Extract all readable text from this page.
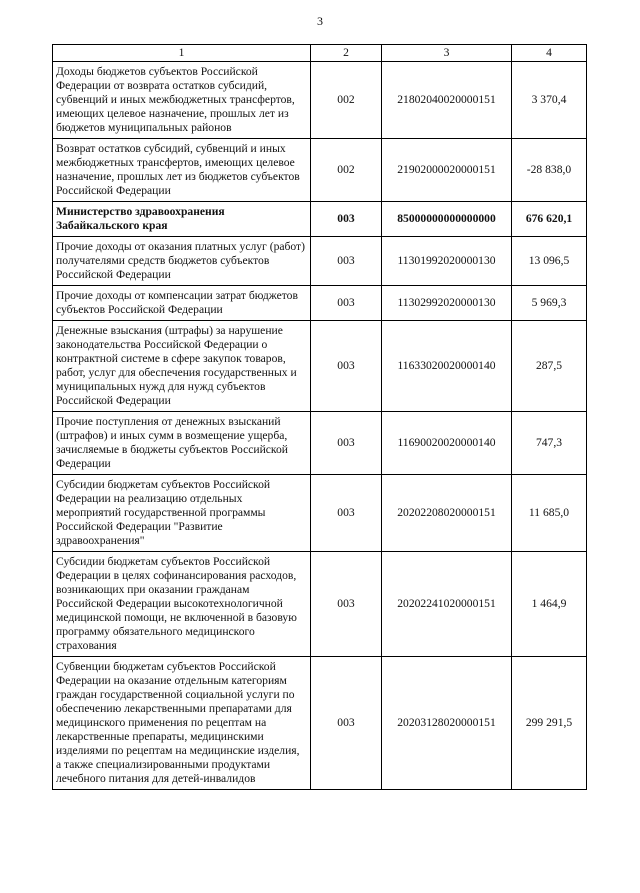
3
1	2	3	4
Доходы бюджетов субъектов Российской Федерации от возврата остатков субсидий, субвенций и иных межбюджетных трансфертов, имеющих целевое назначение, прошлых лет из бюджетов муниципальных районов	002	21802040020000151	3 370,4
Возврат остатков субсидий, субвенций и иных межбюджетных трансфертов, имеющих целевое назначение, прошлых лет из бюджетов субъектов Российской Федерации	002	21902000020000151	-28 838,0
Министерство здравоохранения Забайкальского края	003	85000000000000000	676 620,1
Прочие доходы от оказания платных услуг (работ) получателями средств бюджетов субъектов Российской Федерации	003	11301992020000130	13 096,5
Прочие доходы от компенсации затрат бюджетов субъектов Российской Федерации	003	11302992020000130	5 969,3
Денежные взыскания (штрафы) за нарушение законодательства Российской Федерации о контрактной системе в сфере закупок товаров, работ, услуг для обеспечения государственных и муниципальных нужд для нужд субъектов Российской Федерации	003	11633020020000140	287,5
Прочие поступления от денежных взысканий (штрафов) и иных сумм в возмещение ущерба, зачисляемые в бюджеты субъектов Российской Федерации	003	11690020020000140	747,3
Субсидии бюджетам субъектов Российской Федерации на реализацию отдельных мероприятий государственной программы Российской Федерации "Развитие здравоохранения"	003	20202208020000151	11 685,0
Субсидии бюджетам субъектов Российской Федерации в целях софинансирования расходов, возникающих при оказании гражданам Российской Федерации высокотехнологичной медицинской помощи, не включенной в базовую программу обязательного медицинского страхования	003	20202241020000151	1 464,9
Субвенции бюджетам субъектов Российской Федерации на оказание отдельным категориям граждан государственной социальной услуги по обеспечению лекарственными препаратами для медицинского применения по рецептам на лекарственные препараты, медицинскими изделиями по рецептам на медицинские изделия, а также специализированными продуктами лечебного питания для детей-инвалидов	003	20203128020000151	299 291,5
